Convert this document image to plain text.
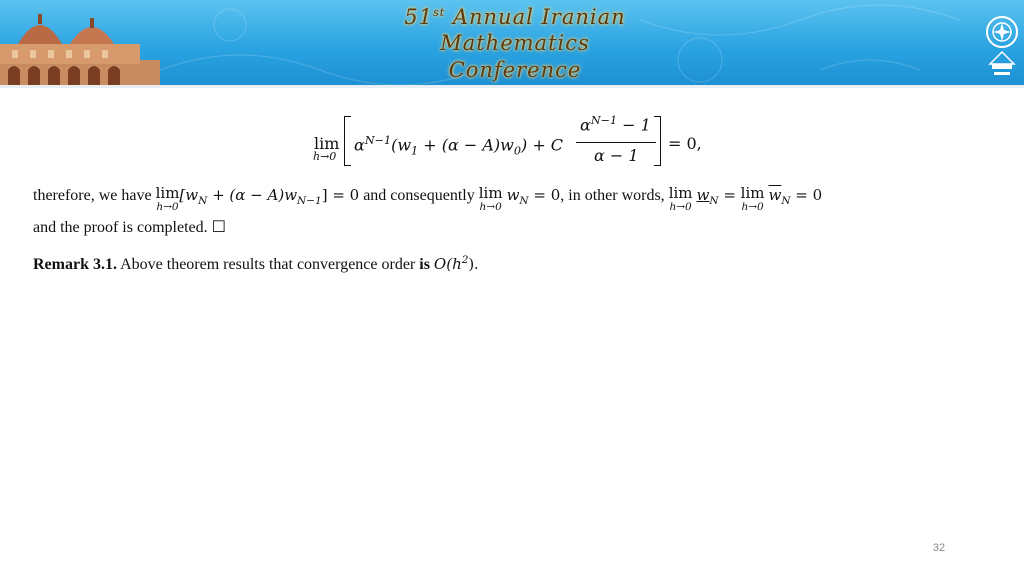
51st Annual Iranian
Mathematics Conference
lim
h→0
$\alpha^{N-1}(w_1 + (\alpha - A)w_0) + C$
$\alpha^{N-1} - 1$
α − 1
= 0,
therefore, we have lim
h→0
$[w_N + (\alpha - A)w_{N-1}] = 0$ and consequently lim
h→0
$w_N = 0$, in other words, lim
h→0
$w_N = \lim$
h→0
$\overline{w}_N = 0$
and the proof is completed. ☐
Remark 3.1. Above theorem results that convergence order is $O(h^2)$.
32
